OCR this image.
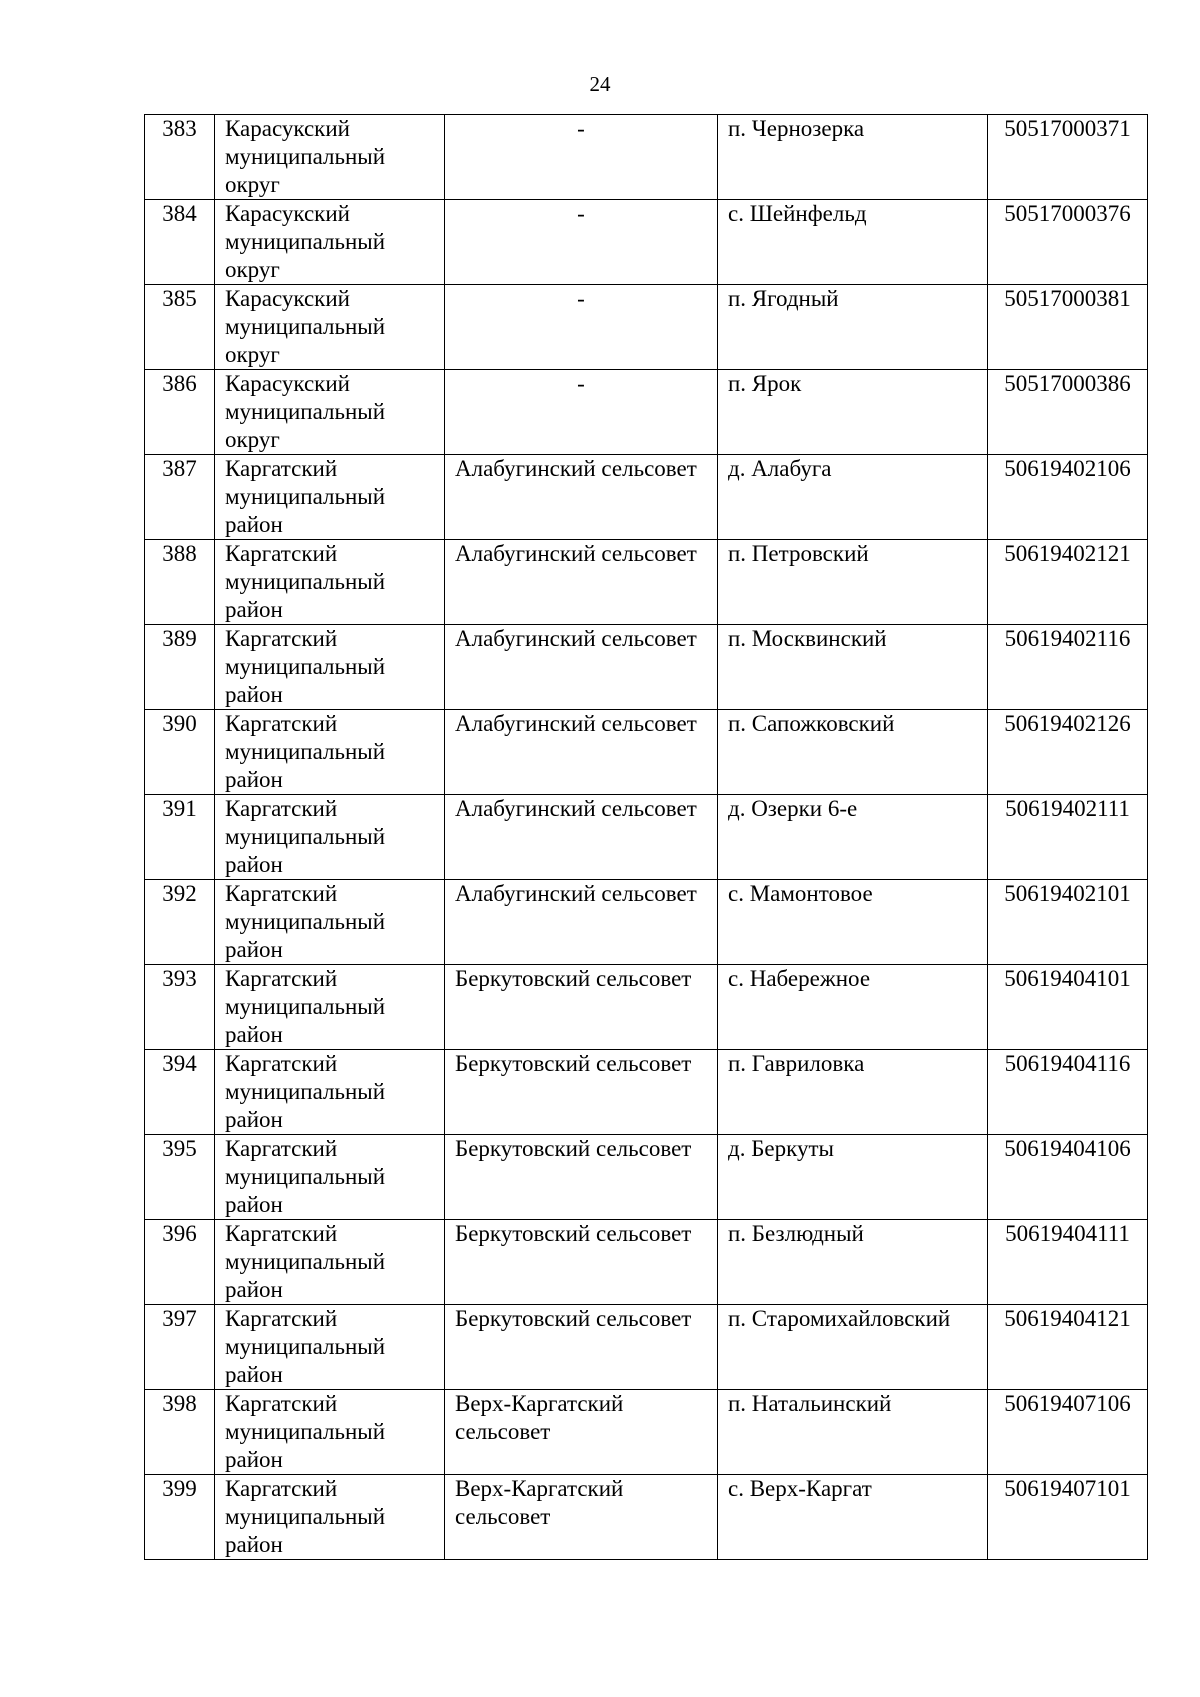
24
383	Карасукский муниципальный округ	-	п. Чернозерка	50517000371
384	Карасукский муниципальный округ	-	с. Шейнфельд	50517000376
385	Карасукский муниципальный округ	-	п. Ягодный	50517000381
386	Карасукский муниципальный округ	-	п. Ярок	50517000386
387	Каргатский муниципальный район	Алабугинский сельсовет	д. Алабуга	50619402106
388	Каргатский муниципальный район	Алабугинский сельсовет	п. Петровский	50619402121
389	Каргатский муниципальный район	Алабугинский сельсовет	п. Москвинский	50619402116
390	Каргатский муниципальный район	Алабугинский сельсовет	п. Сапожковский	50619402126
391	Каргатский муниципальный район	Алабугинский сельсовет	д. Озерки 6-е	50619402111
392	Каргатский муниципальный район	Алабугинский сельсовет	с. Мамонтовое	50619402101
393	Каргатский муниципальный район	Беркутовский сельсовет	с. Набережное	50619404101
394	Каргатский муниципальный район	Беркутовский сельсовет	п. Гавриловка	50619404116
395	Каргатский муниципальный район	Беркутовский сельсовет	д. Беркуты	50619404106
396	Каргатский муниципальный район	Беркутовский сельсовет	п. Безлюдный	50619404111
397	Каргатский муниципальный район	Беркутовский сельсовет	п. Старомихайловский	50619404121
398	Каргатский муниципальный район	Верх-Каргатский сельсовет	п. Натальинский	50619407106
399	Каргатский муниципальный район	Верх-Каргатский сельсовет	с. Верх-Каргат	50619407101
